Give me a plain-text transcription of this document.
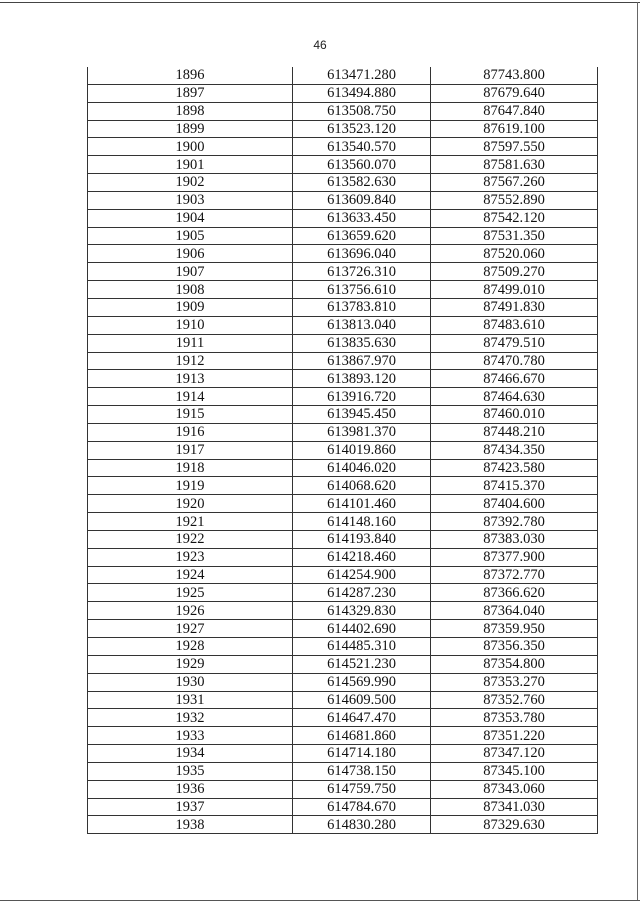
46
1896	613471.280	87743.800
1897	613494.880	87679.640
1898	613508.750	87647.840
1899	613523.120	87619.100
1900	613540.570	87597.550
1901	613560.070	87581.630
1902	613582.630	87567.260
1903	613609.840	87552.890
1904	613633.450	87542.120
1905	613659.620	87531.350
1906	613696.040	87520.060
1907	613726.310	87509.270
1908	613756.610	87499.010
1909	613783.810	87491.830
1910	613813.040	87483.610
1911	613835.630	87479.510
1912	613867.970	87470.780
1913	613893.120	87466.670
1914	613916.720	87464.630
1915	613945.450	87460.010
1916	613981.370	87448.210
1917	614019.860	87434.350
1918	614046.020	87423.580
1919	614068.620	87415.370
1920	614101.460	87404.600
1921	614148.160	87392.780
1922	614193.840	87383.030
1923	614218.460	87377.900
1924	614254.900	87372.770
1925	614287.230	87366.620
1926	614329.830	87364.040
1927	614402.690	87359.950
1928	614485.310	87356.350
1929	614521.230	87354.800
1930	614569.990	87353.270
1931	614609.500	87352.760
1932	614647.470	87353.780
1933	614681.860	87351.220
1934	614714.180	87347.120
1935	614738.150	87345.100
1936	614759.750	87343.060
1937	614784.670	87341.030
1938	614830.280	87329.630
